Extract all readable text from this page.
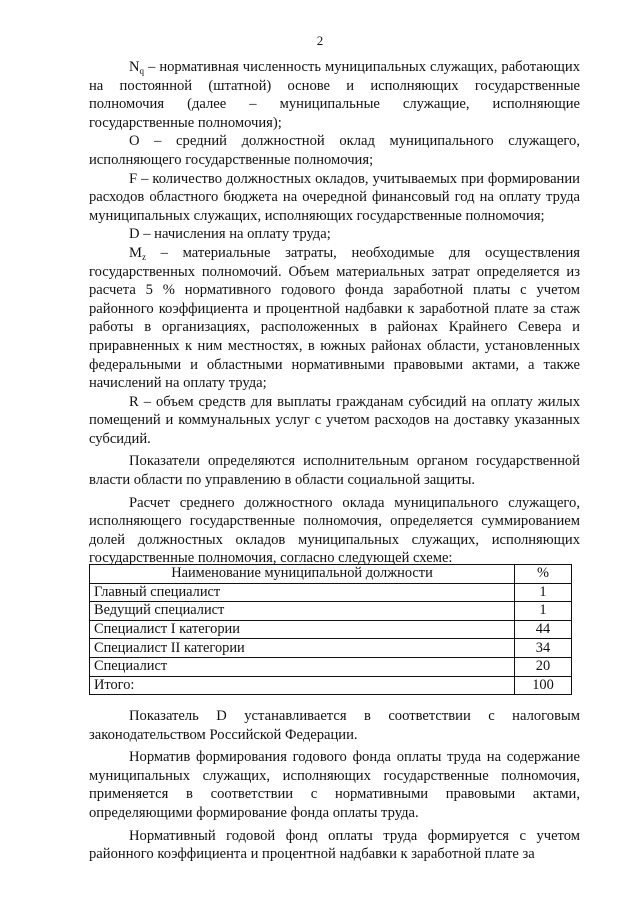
2

$N_q$ – нормативная численность муниципальных служащих, работающих на постоянной (штатной) основе и исполняющих государственные полномочия (далее – муниципальные служащие, исполняющие государственные полномочия);

O – средний должностной оклад муниципального служащего, исполняющего государственные полномочия;

F – количество должностных окладов, учитываемых при формировании расходов областного бюджета на очередной финансовый год на оплату труда муниципальных служащих, исполняющих государственные полномочия;

D – начисления на оплату труда;

$M_z$ – материальные затраты, необходимые для осуществления государственных полномочий. Объем материальных затрат определяется из расчета 5 % нормативного годового фонда заработной платы с учетом районного коэффициента и процентной надбавки к заработной плате за стаж работы в организациях, расположенных в районах Крайнего Севера и приравненных к ним местностях, в южных районах области, установленных федеральными и областными нормативными правовыми актами, а также начислений на оплату труда;

R – объем средств для выплаты гражданам субсидий на оплату жилых помещений и коммунальных услуг с учетом расходов на доставку указанных субсидий.

Показатели определяются исполнительным органом государственной власти области по управлению в области социальной защиты.

Расчет среднего должностного оклада муниципального служащего, исполняющего государственные полномочия, определяется суммированием долей должностных окладов муниципальных служащих, исполняющих государственные полномочия, согласно следующей схеме:

Наименование муниципальной должности	%
Главный специалист	1
Ведущий специалист	1
Специалист I категории	44
Специалист II категории	34
Специалист	20
Итого:	100

Показатель D устанавливается в соответствии с налоговым законодательством Российской Федерации.

Норматив формирования годового фонда оплаты труда на содержание муниципальных служащих, исполняющих государственные полномочия, применяется в соответствии с нормативными правовыми актами, определяющими формирование фонда оплаты труда.

Нормативный годовой фонд оплаты труда формируется с учетом районного коэффициента и процентной надбавки к заработной плате за
